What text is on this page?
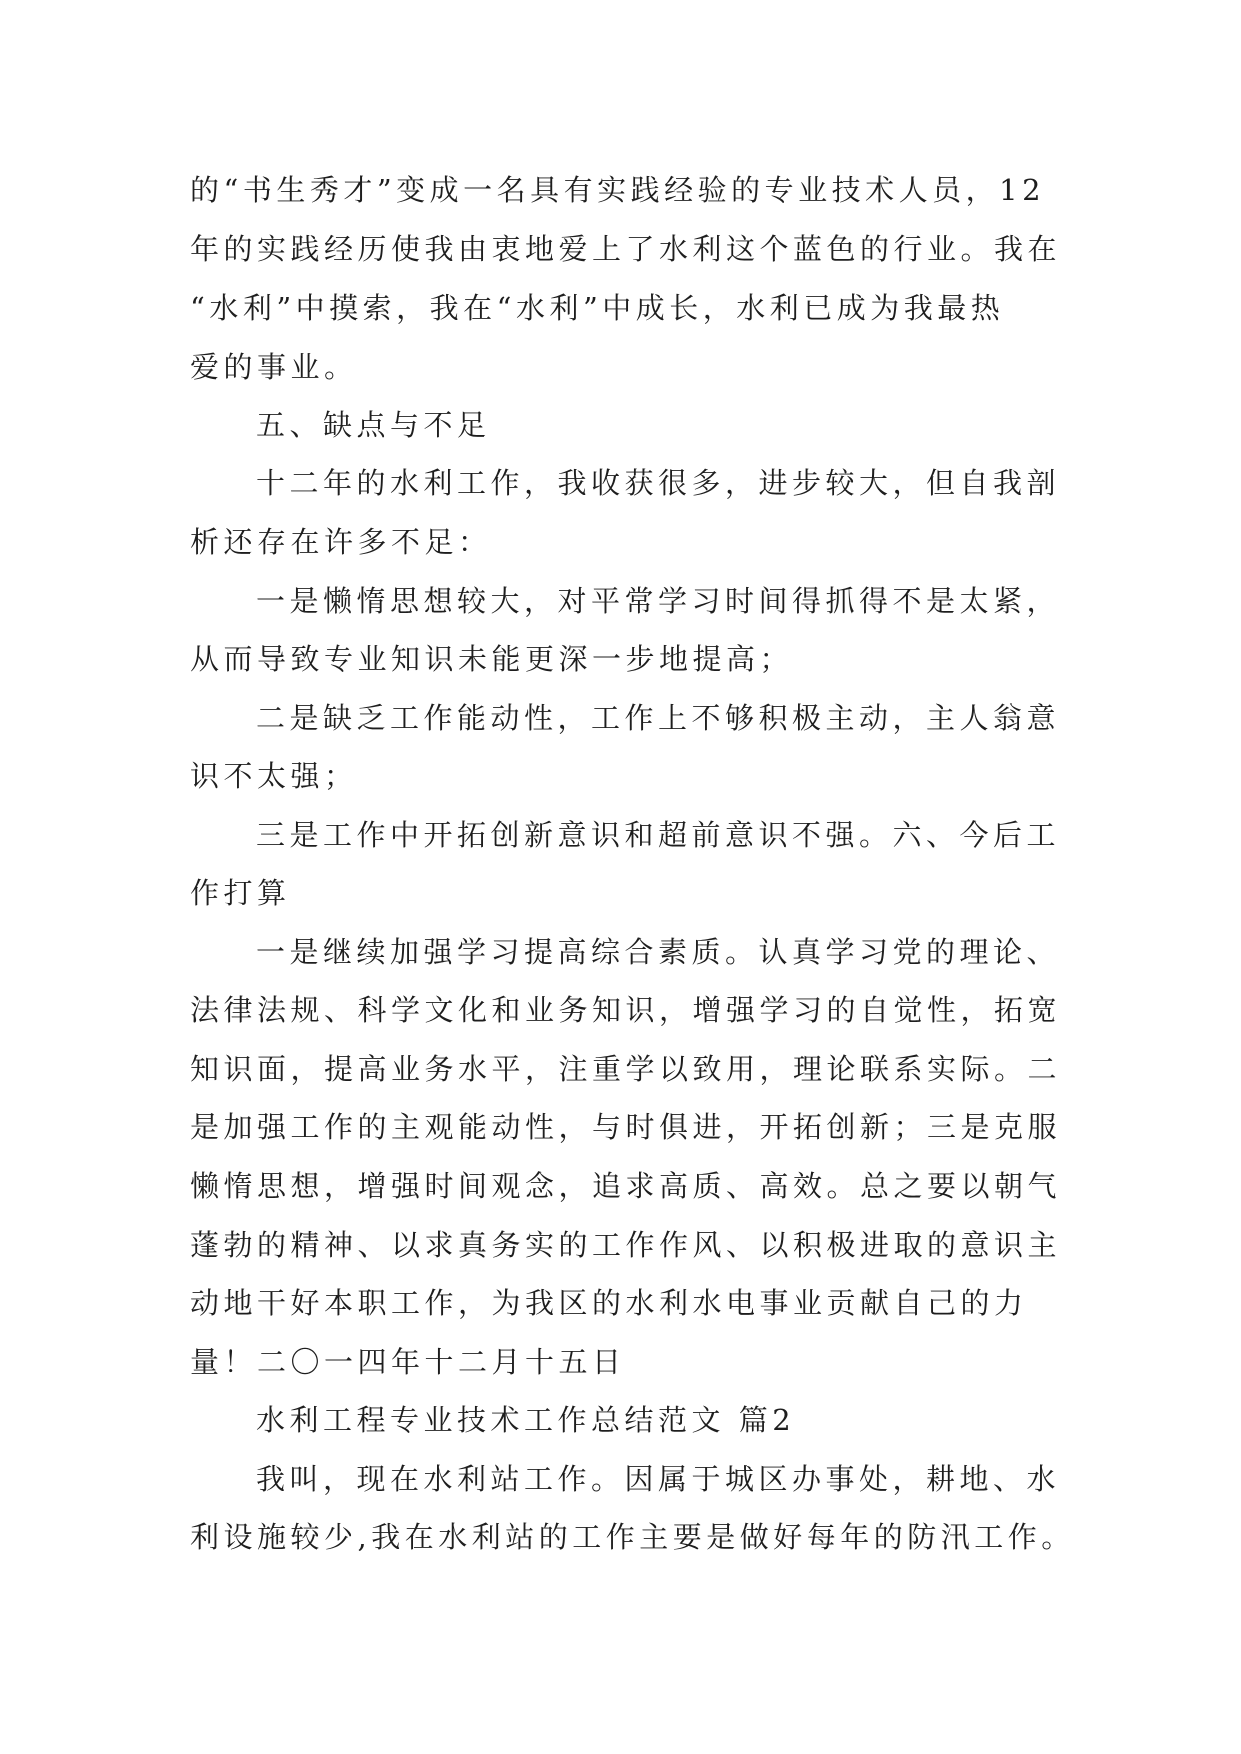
的“书生秀才”变成一名具有实践经验的专业技术人员，12
年的实践经历使我由衷地爱上了水利这个蓝色的行业。我在
“水利”中摸索，我在“水利”中成长，水利已成为我最热
爱的事业。
五、缺点与不足
十二年的水利工作，我收获很多，进步较大，但自我剖
析还存在许多不足：
一是懒惰思想较大，对平常学习时间得抓得不是太紧，
从而导致专业知识未能更深一步地提高；
二是缺乏工作能动性，工作上不够积极主动，主人翁意
识不太强；
三是工作中开拓创新意识和超前意识不强。六、今后工
作打算
一是继续加强学习提高综合素质。认真学习党的理论、
法律法规、科学文化和业务知识，增强学习的自觉性，拓宽
知识面，提高业务水平，注重学以致用，理论联系实际。二
是加强工作的主观能动性，与时俱进，开拓创新；三是克服
懒惰思想，增强时间观念，追求高质、高效。总之要以朝气
蓬勃的精神、以求真务实的工作作风、以积极进取的意识主
动地干好本职工作，为我区的水利水电事业贡献自己的力
量！二〇一四年十二月十五日
水利工程专业技术工作总结范文 篇2
我叫，现在水利站工作。因属于城区办事处，耕地、水
利设施较少,我在水利站的工作主要是做好每年的防汛工作。
